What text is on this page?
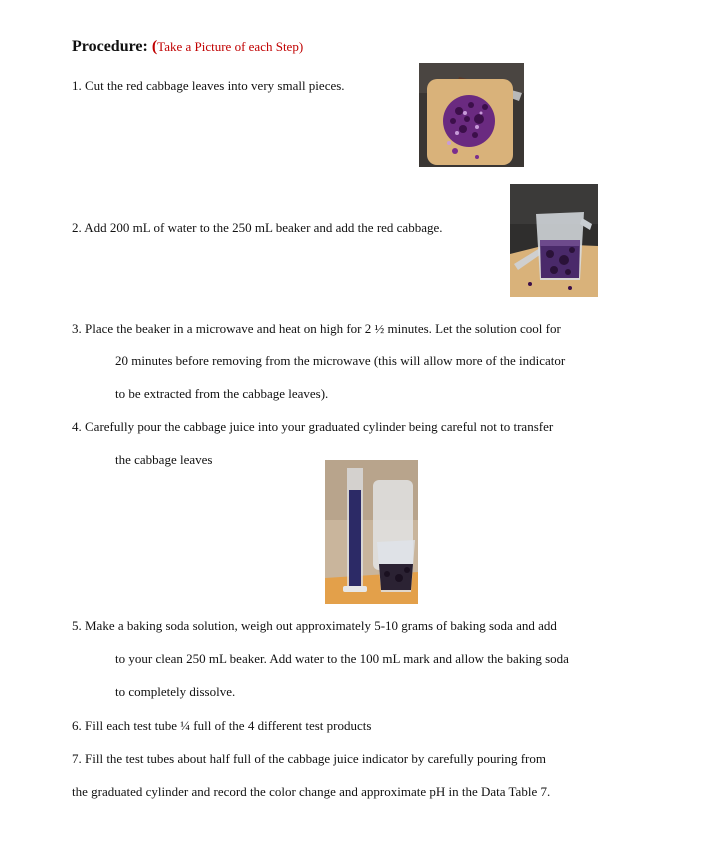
Procedure: (Take a Picture of each Step)
1. Cut the red cabbage leaves into very small pieces.
2. Add 200 mL of water to the 250 mL beaker and add the red cabbage.
3. Place the beaker in a microwave and heat on high for 2 ½ minutes. Let the solution cool for
20 minutes before removing from the microwave (this will allow more of the indicator
to be extracted from the cabbage leaves).
4. Carefully pour the cabbage juice into your graduated cylinder being careful not to transfer
the cabbage leaves
5. Make a baking soda solution, weigh out approximately 5-10 grams of baking soda and add
to your clean 250 mL beaker. Add water to the 100 mL mark and allow the baking soda
to completely dissolve.
6. Fill each test tube ¼ full of the 4 different test products
7. Fill the test tubes about half full of the cabbage juice indicator by carefully pouring from
the graduated cylinder and record the color change and approximate pH in the Data Table 7.
